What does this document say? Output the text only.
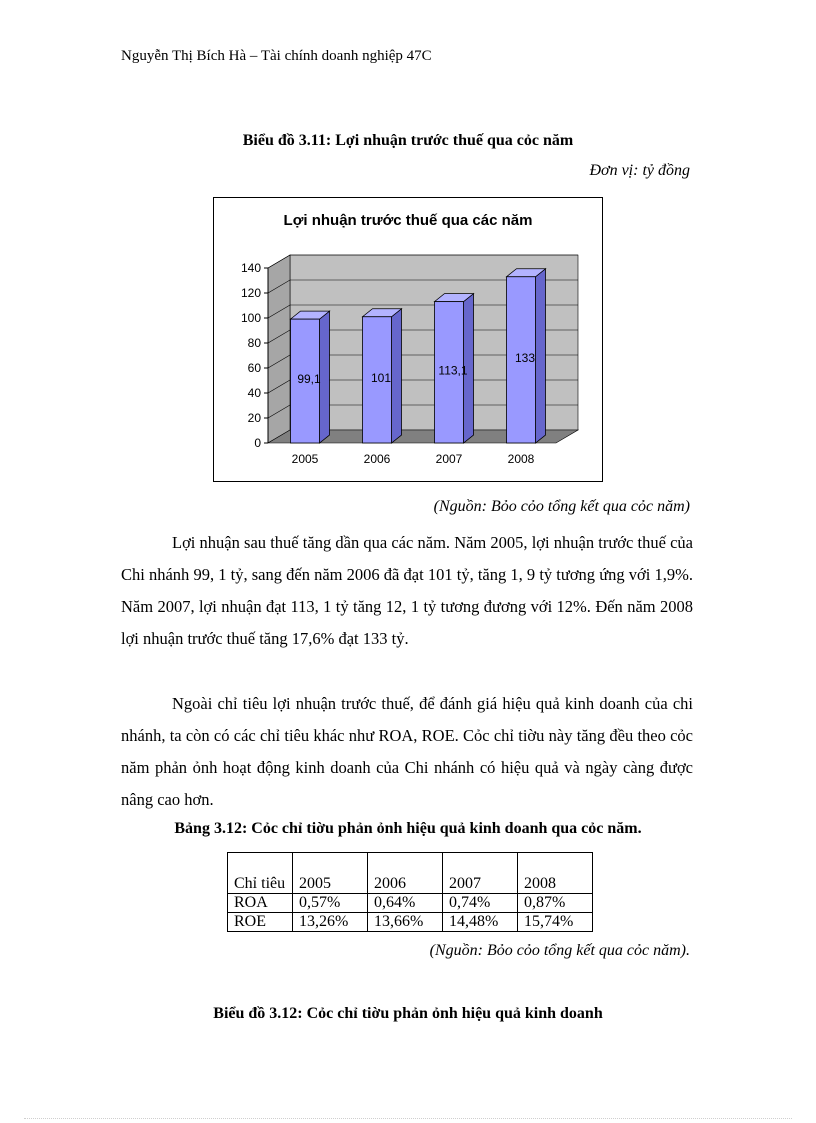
Nguyễn Thị Bích Hà – Tài chính doanh nghiệp 47C
Biểu đồ 3.11: Lợi nhuận trước thuế qua cỏc năm
Đơn vị: tỷ đồng
Lợi nhuận trước thuế qua các năm
0
20
40
60
80
100
120
140
99,1
2005
101
2006
113,1
2007
133
2008
(Nguồn: Bỏo cỏo tổng kết qua cỏc năm)

Lợi nhuận sau thuế tăng dần qua các năm. Năm 2005, lợi nhuận trước thuế của Chi nhánh 99, 1 tỷ, sang đến năm 2006 đã đạt 101 tỷ, tăng 1, 9 tỷ tương ứng với 1,9%. Năm 2007, lợi nhuận đạt 113, 1 tỷ tăng 12, 1 tỷ tương đương với 12%. Đến năm 2008 lợi nhuận trước thuế tăng 17,6% đạt 133 tỷ.

Ngoài chỉ tiêu lợi nhuận trước thuế, để đánh giá hiệu quả kinh doanh của chi nhánh, ta còn có các chỉ tiêu khác như ROA, ROE. Cỏc chỉ tiờu này tăng đều theo cỏc năm phản ỏnh hoạt động kinh doanh của Chi nhánh có hiệu quả và ngày càng được nâng cao hơn.

Bảng 3.12: Cỏc chỉ tiờu phản ỏnh hiệu quả kinh doanh qua cỏc năm.
Chỉ tiêu	2005	2006	2007	2008
ROA	0,57%	0,64%	0,74%	0,87%
ROE	13,26%	13,66%	14,48%	15,74%
(Nguồn: Bỏo cỏo tổng kết qua cỏc năm).
Biểu đồ 3.12: Cỏc chỉ tiờu phản ỏnh hiệu quả kinh doanh
